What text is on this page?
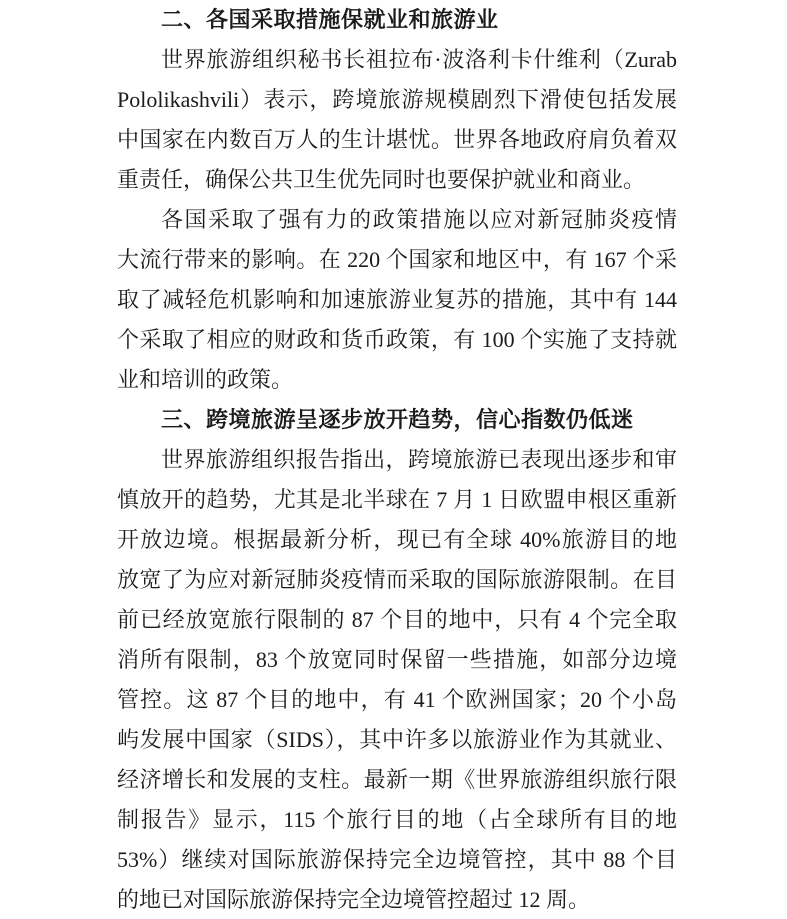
二、各国采取措施保就业和旅游业
世界旅游组织秘书长祖拉布·波洛利卡什维利（Zurab
Pololikashvili）表示，跨境旅游规模剧烈下滑使包括发展
中国家在内数百万人的生计堪忧。世界各地政府肩负着双
重责任，确保公共卫生优先同时也要保护就业和商业。
各国采取了强有力的政策措施以应对新冠肺炎疫情
大流行带来的影响。在 220 个国家和地区中，有 167 个采
取了减轻危机影响和加速旅游业复苏的措施，其中有 144
个采取了相应的财政和货币政策，有 100 个实施了支持就
业和培训的政策。
三、跨境旅游呈逐步放开趋势，信心指数仍低迷
世界旅游组织报告指出，跨境旅游已表现出逐步和审
慎放开的趋势，尤其是北半球在 7 月 1 日欧盟申根区重新
开放边境。根据最新分析，现已有全球 40%旅游目的地
放宽了为应对新冠肺炎疫情而采取的国际旅游限制。在目
前已经放宽旅行限制的 87 个目的地中，只有 4 个完全取
消所有限制，83 个放宽同时保留一些措施，如部分边境
管控。这 87 个目的地中，有 41 个欧洲国家；20 个小岛
屿发展中国家（SIDS），其中许多以旅游业作为其就业、
经济增长和发展的支柱。最新一期《世界旅游组织旅行限
制报告》显示，115 个旅行目的地（占全球所有目的地
53%）继续对国际旅游保持完全边境管控，其中 88 个目
的地已对国际旅游保持完全边境管控超过 12 周。
